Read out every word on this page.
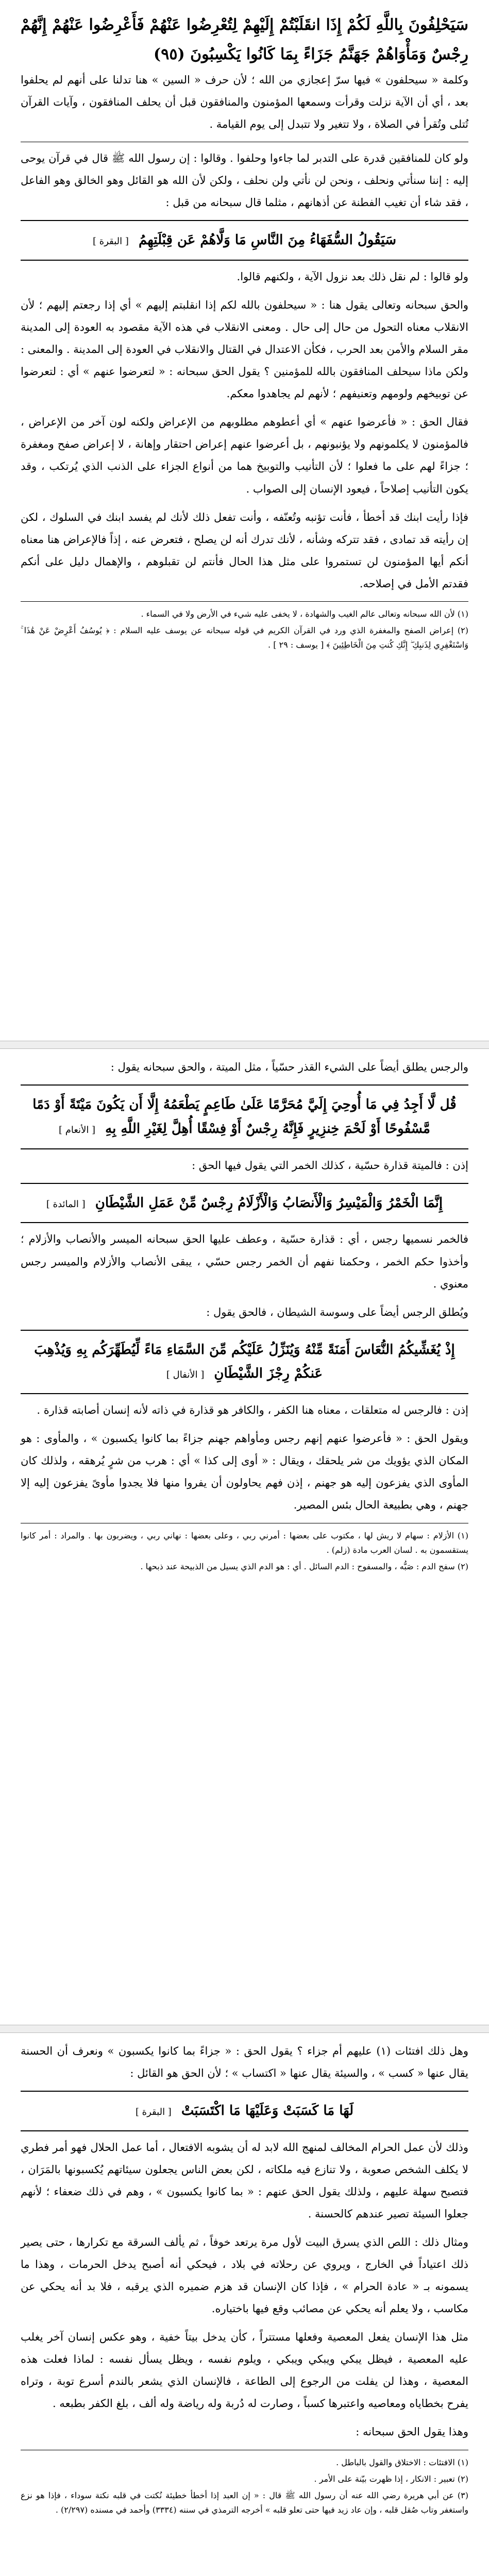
سَيَحْلِفُونَ بِاللَّهِ لَكُمْ إِذَا انقَلَبْتُمْ إِلَيْهِمْ لِتُعْرِضُوا عَنْهُمْ فَأَعْرِضُوا عَنْهُمْ إِنَّهُمْ رِجْسٌ وَمَأْوَاهُمْ جَهَنَّمُ جَزَاءً بِمَا كَانُوا يَكْسِبُونَ (٩٥)

وكلمة « سيحلفون » فيها سرّ إعجازي من الله ؛ لأن حرف « السين » هنا تدلنا على أنهم لم يحلفوا بعد ، أي أن الآية نزلت وقرأت وسمعها المؤمنون والمنافقون قبل أن يحلف المنافقون ، وآيات القرآن تُتلى وتُقرأ في الصلاة ، ولا تتغير ولا تتبدل إلى يوم القيامة .

ولو كان للمنافقين قدرة على التدبر لما جاءوا وحلفوا . وقالوا : إن رسول الله ﷺ قال في قرآن يوحى إليه : إننا سنأتي ونحلف ، ونحن لن نأتي ولن نحلف ، ولكن لأن الله هو القائل وهو الخالق وهو الفاعل ، فقد شاء أن تغيب الفطنة عن أذهانهم ، مثلما قال سبحانه من قبل :

سَيَقُولُ السُّفَهَاءُ مِنَ النَّاسِ مَا وَلَّاهُمْ عَن قِبْلَتِهِمُ [ البقرة ]

ولو قالوا : لم نقل ذلك بعد نزول الآية ، ولكنهم قالوا.

والحق سبحانه وتعالى يقول هنا : « سيحلفون بالله لكم إذا انقلبتم إليهم » أي إذا رجعتم إليهم ؛ لأن الانقلاب معناه التحول من حال إلى حال . ومعنى الانقلاب في هذه الآية مقصود به العودة إلى المدينة مقر السلام والأمن بعد الحرب ، فكأن الاعتدال في القتال والانقلاب في العودة إلى المدينة . والمعنى : ولكن ماذا سيحلف المنافقون بالله للمؤمنين ؟ يقول الحق سبحانه : « لتعرضوا عنهم » أي : لتعرضوا عن توبيخهم ولومهم وتعنيفهم ؛ لأنهم لم يجاهدوا معكم.

فقال الحق : « فأعرضوا عنهم » أي أعطوهم مطلوبهم من الإعراض ولكنه لون آخر من الإعراض ، فالمؤمنون لا يكلمونهم ولا يؤنبونهم ، بل أعرضوا عنهم إعراض احتقار وإهانة ، لا إعراض صفح ومغفرة ؛ جزاءً لهم على ما فعلوا ؛ لأن التأنيب والتوبيخ هما من أنواع الجزاء على الذنب الذي يُرتكب ، وقد يكون التأنيب إصلاحاً ، فيعود الإنسان إلى الصواب .

فإذا رأيت ابنك قد أخطأ ، فأنت تؤنبه وتُعنّفه ، وأنت تفعل ذلك لأنك لم يفسد ابنك في السلوك ، لكن إن رأيته قد تمادى ، فقد تتركه وشأنه ، لأنك تدرك أنه لن يصلح ، فتعرض عنه ، إذاً فالإعراض هنا معناه أنكم أيها المؤمنون لن تستمروا على مثل هذا الحال فأنتم لن تقبلوهم ، والإهمال دليل على أنكم فقدتم الأمل في إصلاحه.

(١) لأن الله سبحانه وتعالى عالم الغيب والشهادة ، لا يخفى عليه شيء في الأرض ولا في السماء .

(٢) إعراض الصفح والمغفرة الذي ورد في القرآن الكريم في قوله سبحانه عن يوسف عليه السلام : ﴿ يُوسُفُ أَعْرِضْ عَنْ هَٰذَا ۚ وَاسْتَغْفِرِي لِذَنبِكِ ۖ إِنَّكِ كُنتِ مِنَ الْخَاطِئِينَ ﴾ [ يوسف : ٢٩ ] .

والرجس يطلق أيضاً على الشيء القذر حسّياً ، مثل الميتة ، والحق سبحانه يقول :

قُل لَّا أَجِدُ فِي مَا أُوحِيَ إِلَيَّ مُحَرَّمًا عَلَىٰ طَاعِمٍ يَطْعَمُهُ إِلَّا أَن يَكُونَ مَيْتَةً أَوْ دَمًا مَّسْفُوحًا أَوْ لَحْمَ خِنزِيرٍ فَإِنَّهُ رِجْسٌ أَوْ فِسْقًا أُهِلَّ لِغَيْرِ اللَّهِ بِهِ [ الأنعام ]

إذن : فالميتة قذارة حسّية ، كذلك الخمر التي يقول فيها الحق :

إِنَّمَا الْخَمْرُ وَالْمَيْسِرُ وَالْأَنصَابُ وَالْأَزْلَامُ رِجْسٌ مِّنْ عَمَلِ الشَّيْطَانِ [ المائدة ]

فالخمر نسميها رجس ، أي : قذارة حسّية ، وعطف عليها الحق سبحانه الميسر والأنصاب والأزلام ؛ وأخذوا حكم الخمر ، وحكمنا نفهم أن الخمر رجس حسّي ، يبقى الأنصاب والأزلام والميسر رجس معنوي .

ويُطلق الرجس أيضاً على وسوسة الشيطان ، فالحق يقول :

إِذْ يُغَشِّيكُمُ النُّعَاسَ أَمَنَةً مِّنْهُ وَيُنَزِّلُ عَلَيْكُم مِّنَ السَّمَاءِ مَاءً لِّيُطَهِّرَكُم بِهِ وَيُذْهِبَ عَنكُمْ رِجْزَ الشَّيْطَانِ [ الأنفال ]

إذن : فالرجس له متعلقات ، معناه هنا الكفر ، والكافر هو قذارة في ذاته لأنه إنسان أصابته قذارة .

ويقول الحق : « فأعرضوا عنهم إنهم رجس ومأواهم جهنم جزاءً بما كانوا يكسبون » ، والمأوى : هو المكان الذي يؤويك من شر يلحقك ، ويقال : « أوى إلى كذا » أي : هرب من شرٍ يُرهقه ، ولذلك كان المأوى الذي يفزعون إليه هو جهنم ، إذن فهم يحاولون أن يفروا منها فلا يجدوا مأوىً يفزعون إليه إلا جهنم ، وهي بطبيعة الحال بئس المصير.

(١) الأزلام : سهام لا ريش لها ، مكتوب على بعضها : أمرني ربي ، وعلى بعضها : نهاني ربي ، ويضربون بها . والمراد : أمر كانوا يستقسمون به . لسان العرب مادة (زلم) .

(٢) سفح الدم : صَبُّه ، والمسفوح : الدم السائل . أي : هو الدم الذي يسيل من الذبيحة عند ذبحها .

وهل ذلك افتئات (١) عليهم أم جزاء ؟ يقول الحق : « جزاءً بما كانوا يكسبون » ونعرف أن الحسنة يقال عنها « كسب » ، والسيئة يقال عنها « اكتساب » ؛ لأن الحق هو القائل :

لَهَا مَا كَسَبَتْ وَعَلَيْهَا مَا اكْتَسَبَتْ [ البقرة ]

وذلك لأن عمل الحرام المخالف لمنهج الله لابد له أن يشوبه الافتعال ، أما عمل الحلال فهو أمر فطري لا يكلف الشخص صعوبة ، ولا تنازع فيه ملكاته ، لكن بعض الناس يجعلون سيئاتهم يُكسبونها بالمَرَان ، فتصبح سهلة عليهم ، ولذلك يقول الحق عنهم : « بما كانوا يكسبون » ، وهم في ذلك ضعفاء ؛ لأنهم جعلوا السيئة تصير عندهم كالحسنة .

ومثال ذلك : اللص الذي يسرق البيت لأول مرة يرتعد خوفاً ، ثم يألف السرقة مع تكرارها ، حتى يصير ذلك اعتياداً في الخارج ، ويروي عن رحلاته في بلاد ، فيحكي أنه أصبح يدخل الحرمات ، وهذا ما يسمونه بـ « عادة الحرام » ، فإذا كان الإنسان قد هزم ضميره الذي يرقبه ، فلا بد أنه يحكي عن مكاسب ، ولا يعلم أنه يحكي عن مصائب وقع فيها باختياره.

مثل هذا الإنسان يفعل المعصية وفعلها مستتراً ، كأن يدخل بيتاً خفية ، وهو عكس إنسان آخر يغلب عليه المعصية ، فيظل يبكي ويبكي ويبكي ، ويلوم نفسه ، ويظل يسأل نفسه : لماذا فعلت هذه المعصية ، وهذا لن يفلت من الرجوع إلى الطاعة ، فالإنسان الذي يشعر بالندم أسرع توبة ، وتراه يفرح بخطاياه ومعاصيه واعتبرها كسباً ، وصارت له دُربة وله رياضة وله ألف ، بلغ الكفر بطبعه .

وهذا يقول الحق سبحانه :

(١) الافتئات : الاختلاق والقول بالباطل .

(٢) تعبير : الانكار ، إذا ظهرت بيّنة على الأمر .

(٣) عن أبي هريرة رضي الله عنه أن رسول الله ﷺ قال : « إن العبد إذا أخطأ خطيئة نُكتت في قلبه نكتة سوداء ، فإذا هو نزع واستغفر وتاب صُقل قلبه ، وإن عاد زيد فيها حتى تعلو قلبه » أخرجه الترمذي في سننه (٣٣٣٤) وأحمد في مسنده (٢/٢٩٧) .
